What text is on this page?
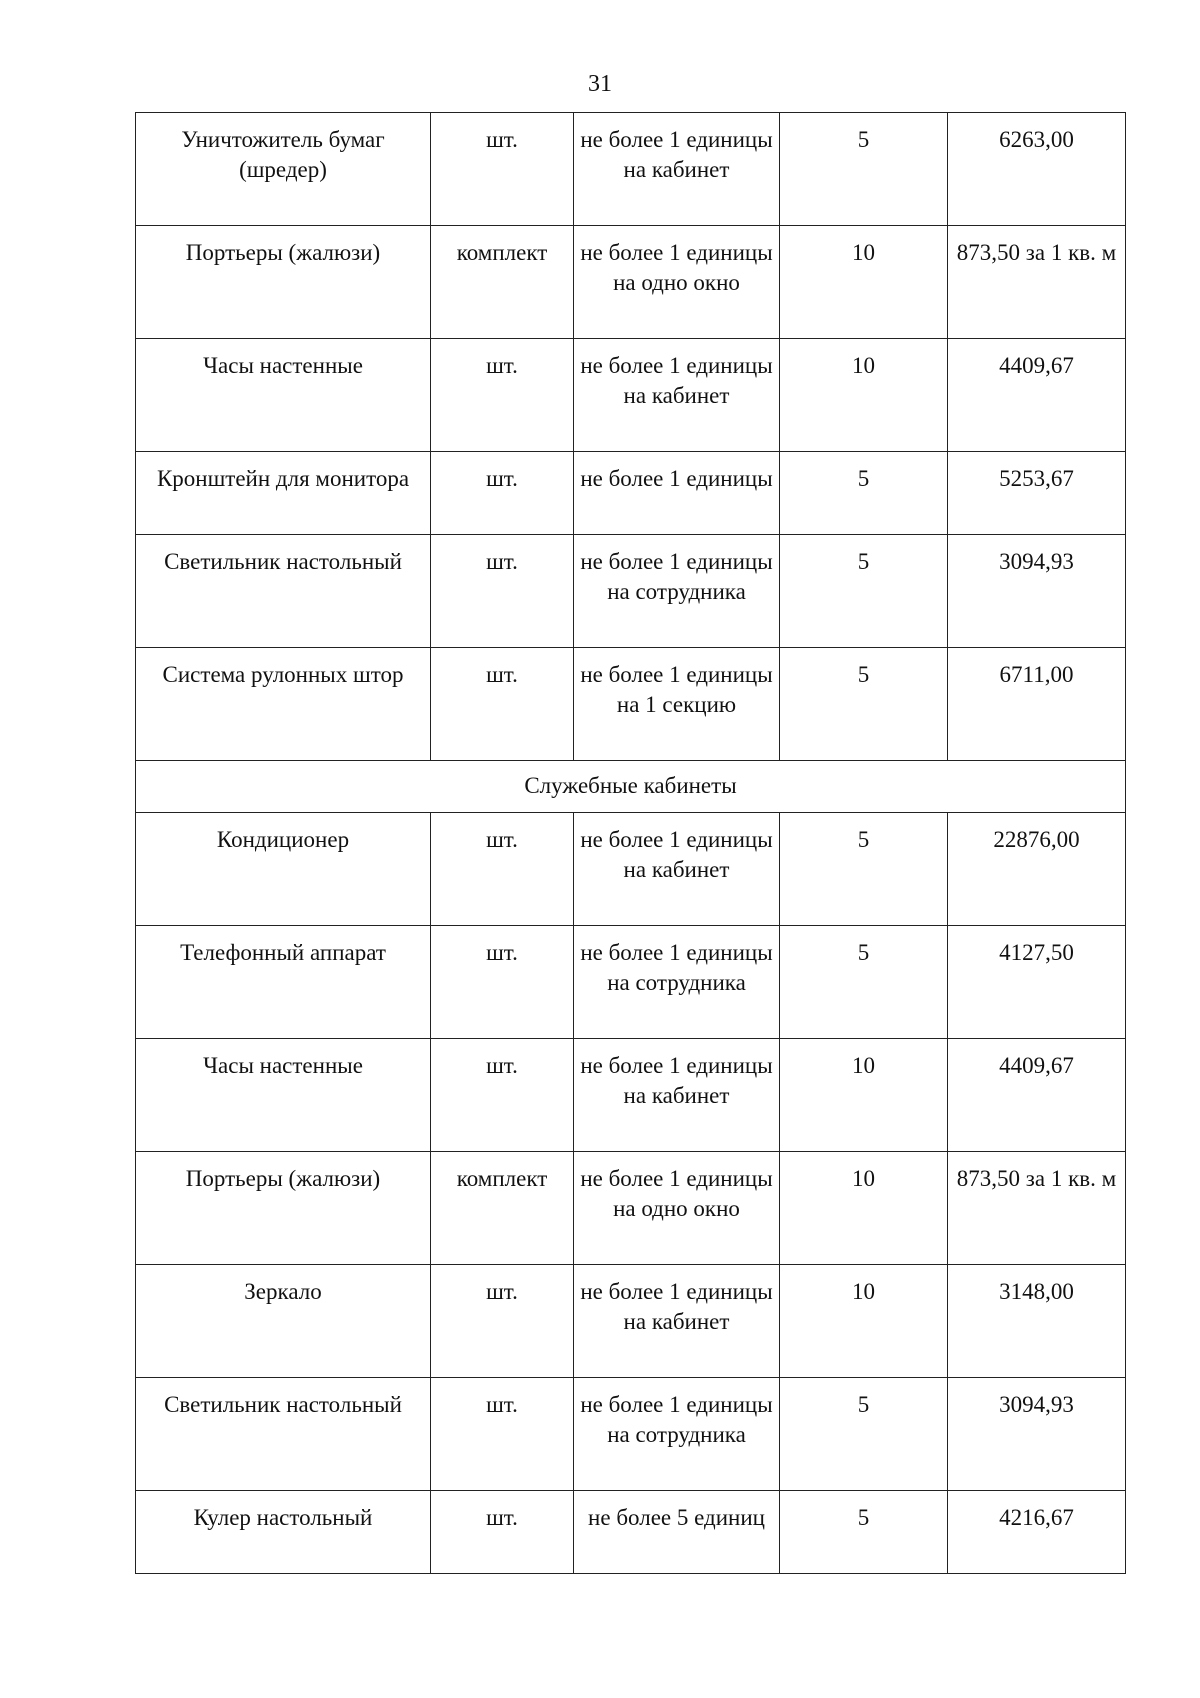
31
Уничтожитель бумаг (шредер)	шт.	не более 1 единицы на кабинет	5	6263,00
Портьеры (жалюзи)	комплект	не более 1 единицы на одно окно	10	873,50 за 1 кв. м
Часы настенные	шт.	не более 1 единицы на кабинет	10	4409,67
Кронштейн для монитора	шт.	не более 1 единицы	5	5253,67
Светильник настольный	шт.	не более 1 единицы на сотрудника	5	3094,93
Система рулонных штор	шт.	не более 1 единицы на 1 секцию	5	6711,00
Служебные кабинеты				
Кондиционер	шт.	не более 1 единицы на кабинет	5	22876,00
Телефонный аппарат	шт.	не более 1 единицы на сотрудника	5	4127,50
Часы настенные	шт.	не более 1 единицы на кабинет	10	4409,67
Портьеры (жалюзи)	комплект	не более 1 единицы на одно окно	10	873,50 за 1 кв. м
Зеркало	шт.	не более 1 единицы на кабинет	10	3148,00
Светильник настольный	шт.	не более 1 единицы на сотрудника	5	3094,93
Кулер настольный	шт.	не более 5 единиц	5	4216,67
